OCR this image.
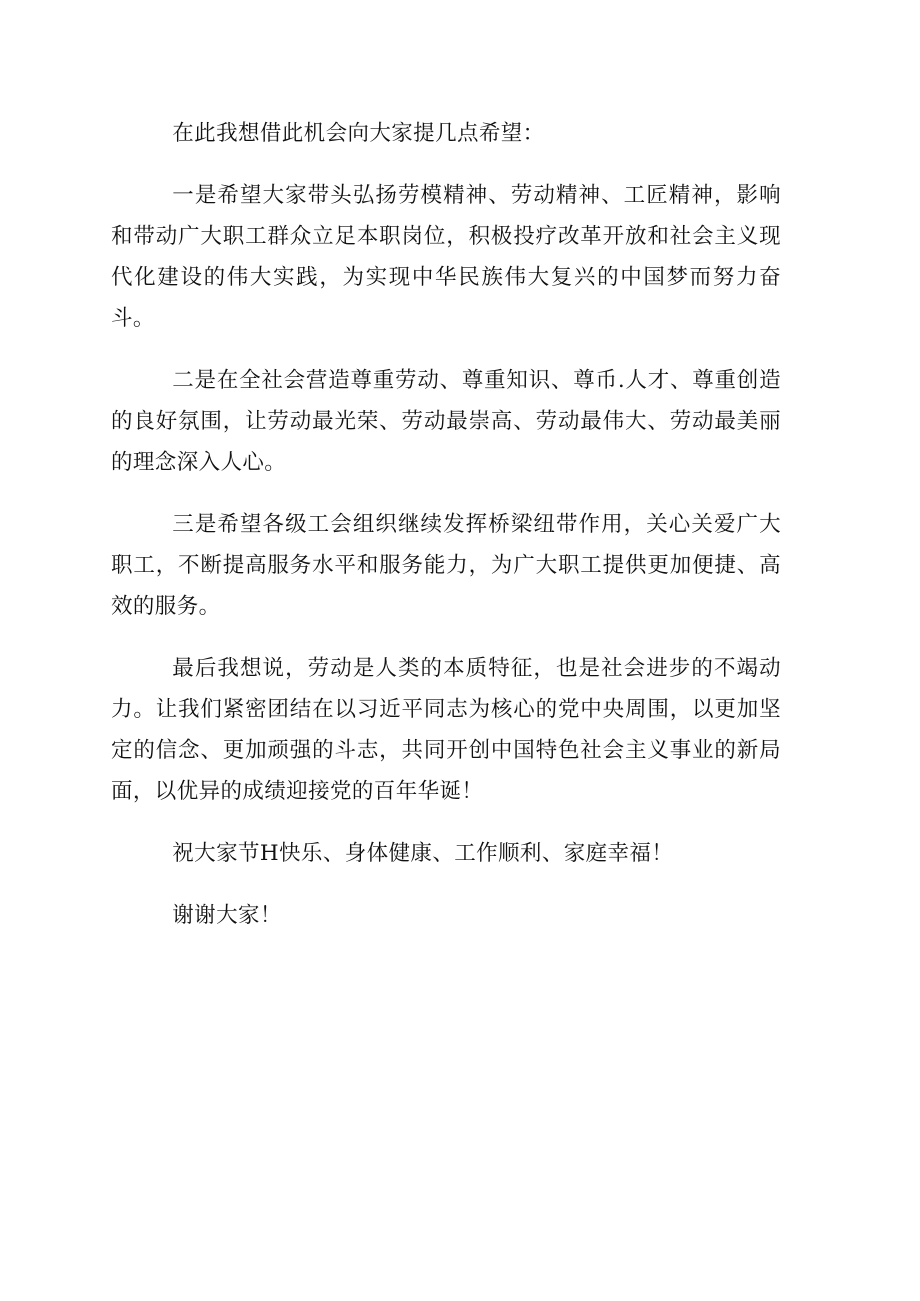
在此我想借此机会向大家提几点希望：

一是希望大家带头弘扬劳模精神、劳动精神、工匠精神，影响和带动广大职工群众立足本职岗位，积极投疗改革开放和社会主义现代化建设的伟大实践，为实现中华民族伟大复兴的中国梦而努力奋斗。

二是在全社会营造尊重劳动、尊重知识、尊币.人才、尊重创造的良好氛围，让劳动最光荣、劳动最崇高、劳动最伟大、劳动最美丽的理念深入人心。

三是希望各级工会组织继续发挥桥梁纽带作用，关心关爱广大职工，不断提高服务水平和服务能力，为广大职工提供更加便捷、高效的服务。

最后我想说，劳动是人类的本质特征，也是社会进步的不竭动力。让我们紧密团结在以习近平同志为核心的党中央周围，以更加坚定的信念、更加顽强的斗志，共同开创中国特色社会主义事业的新局面，以优异的成绩迎接党的百年华诞！

祝大家节H快乐、身体健康、工作顺利、家庭幸福！

谢谢大家！
